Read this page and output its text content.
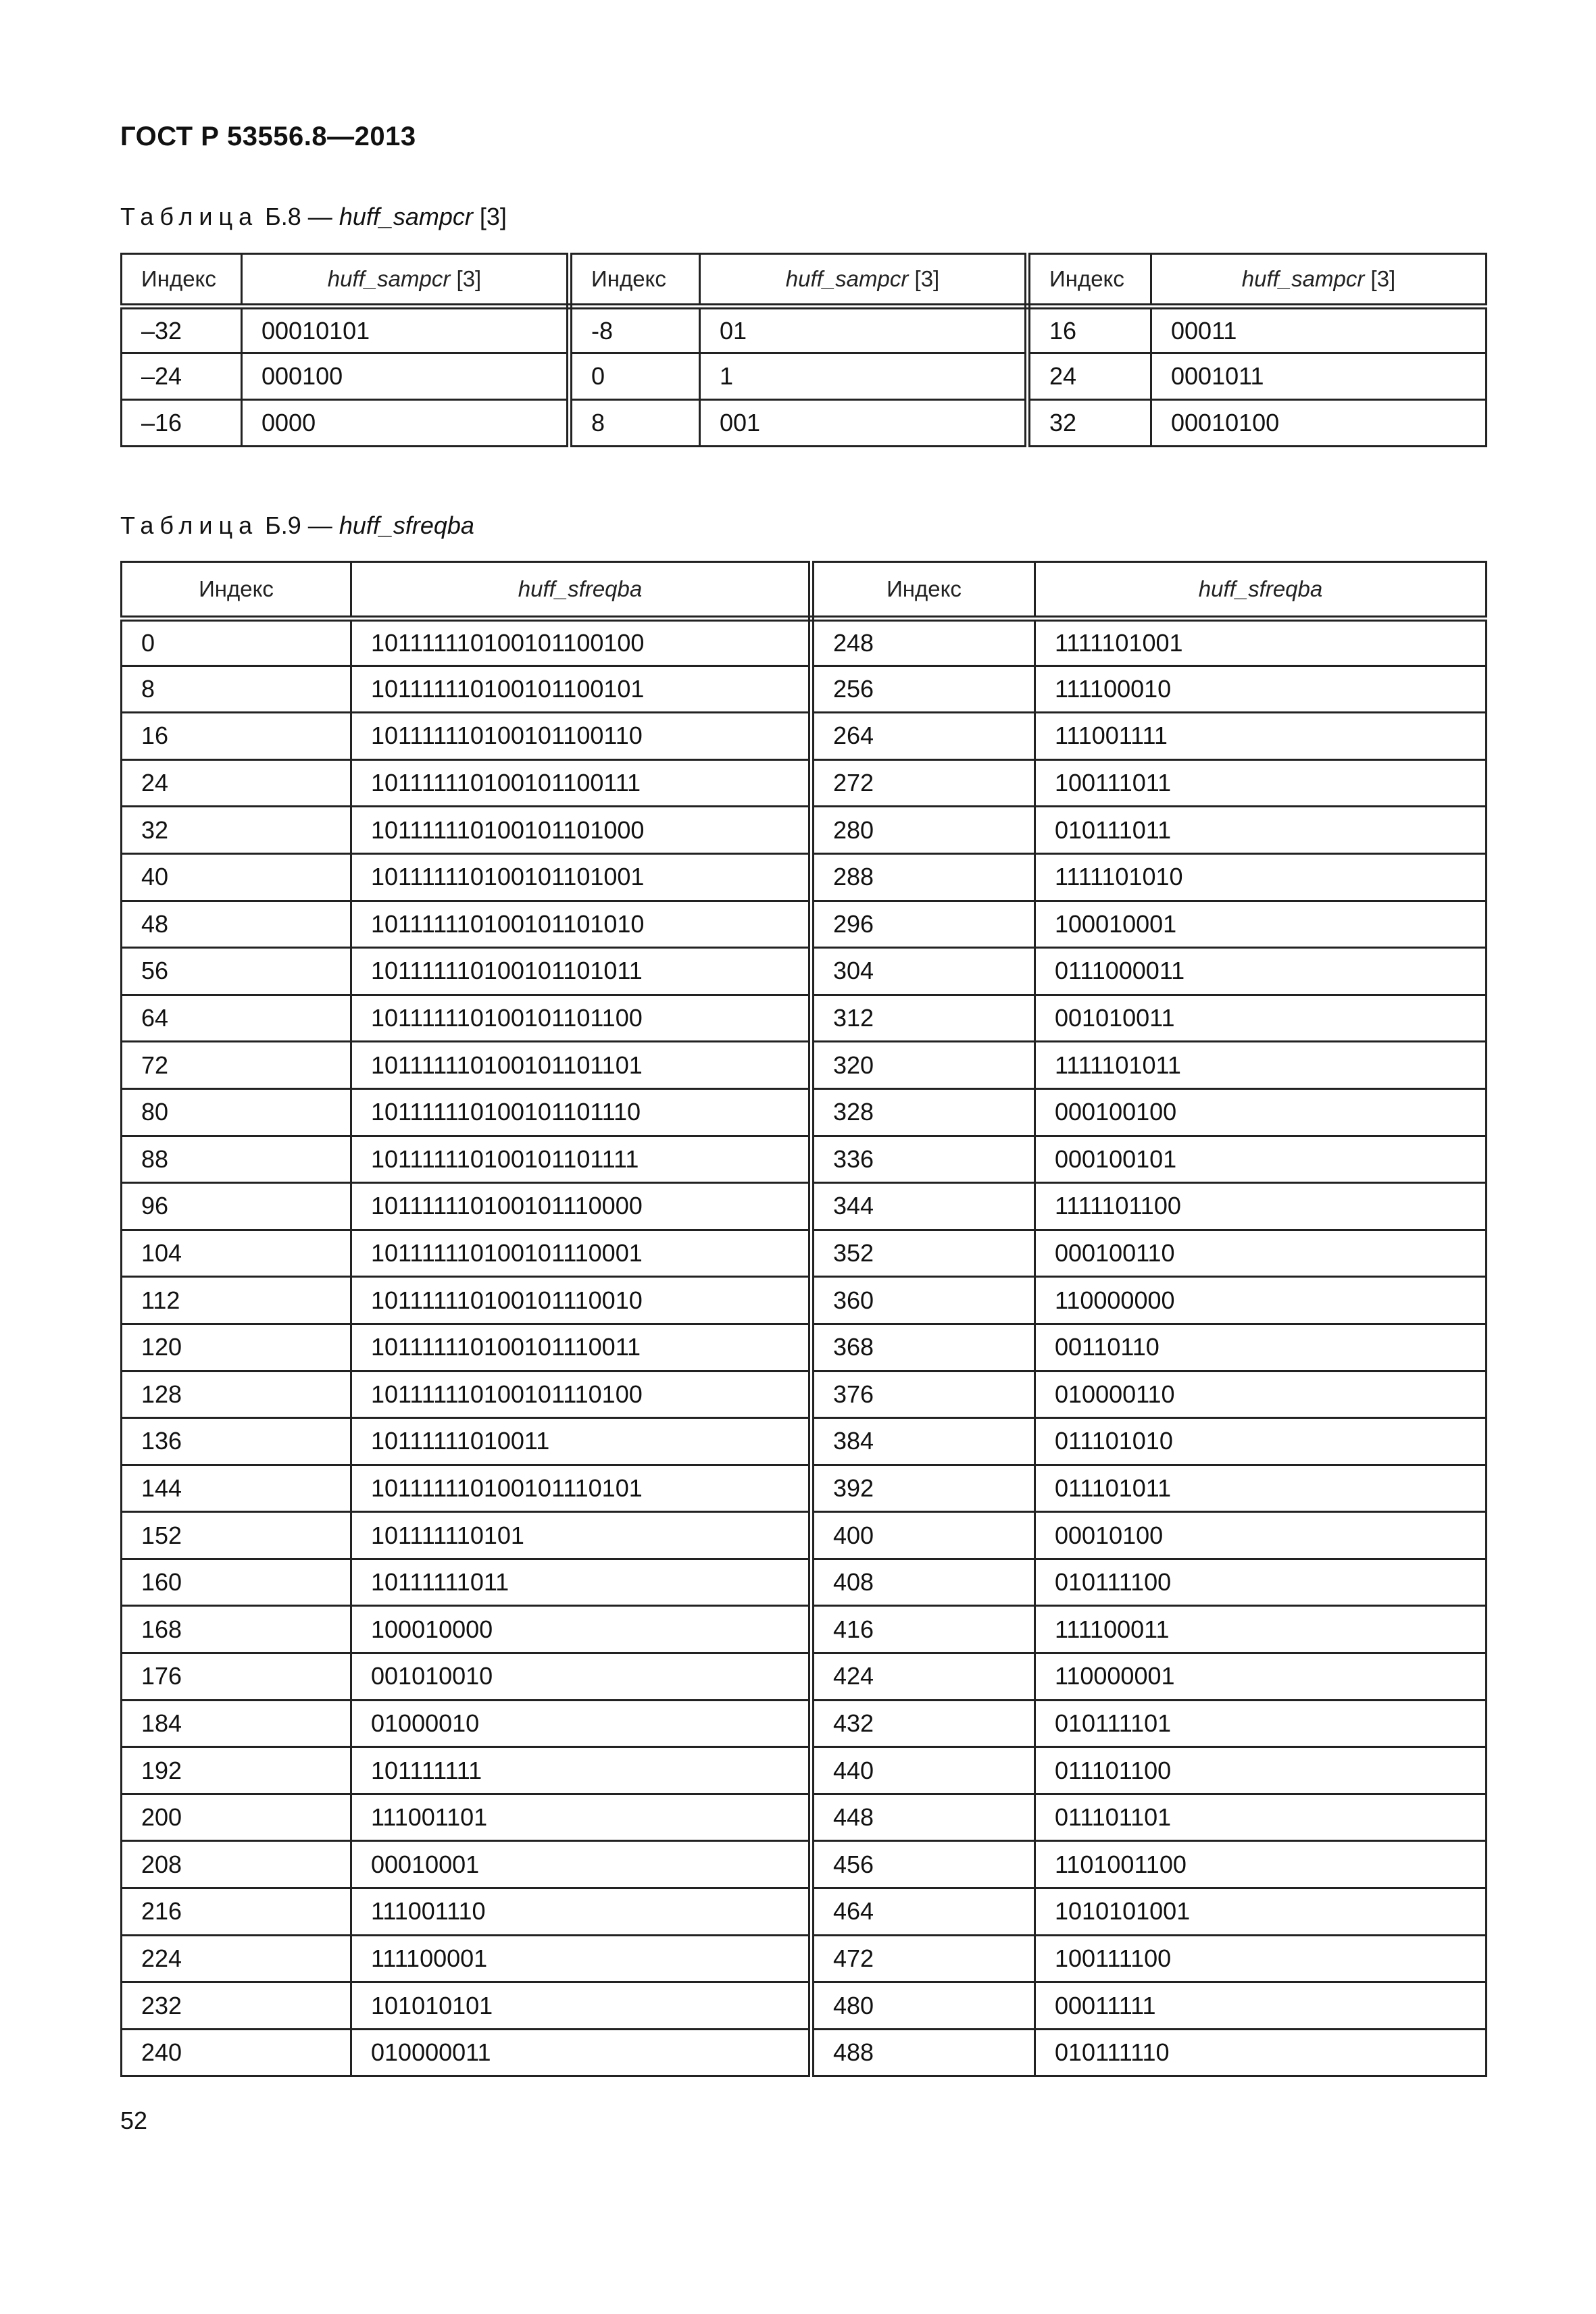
ГОСТ Р 53556.8—2013
Таблица Б.8 — huff_sampcr [3]
Индекс	huff_sampcr [3]	Индекс	huff_sampcr [3]	Индекс	huff_sampcr [3]
–32	00010101	-8	01	16	00011
–24	000100	0	1	24	0001011
–16	0000	8	001	32	00010100
Таблица Б.9 — huff_sfreqba
Индекс	huff_sfreqba	Индекс	huff_sfreqba
0	101111110100101100100	248	1111101001
8	101111110100101100101	256	111100010
16	101111110100101100110	264	111001111
24	101111110100101100111	272	100111011
32	101111110100101101000	280	010111011
40	101111110100101101001	288	1111101010
48	101111110100101101010	296	100010001
56	101111110100101101011	304	0111000011
64	101111110100101101100	312	001010011
72	101111110100101101101	320	1111101011
80	101111110100101101110	328	000100100
88	101111110100101101111	336	000100101
96	101111110100101110000	344	1111101100
104	101111110100101110001	352	000100110
112	101111110100101110010	360	110000000
120	101111110100101110011	368	00110110
128	101111110100101110100	376	010000110
136	10111111010011	384	011101010
144	101111110100101110101	392	011101011
152	101111110101	400	00010100
160	10111111011	408	010111100
168	100010000	416	111100011
176	001010010	424	110000001
184	01000010	432	010111101
192	101111111	440	011101100
200	111001101	448	011101101
208	00010001	456	1101001100
216	111001110	464	1010101001
224	111100001	472	100111100
232	101010101	480	00011111
240	010000011	488	010111110
52
